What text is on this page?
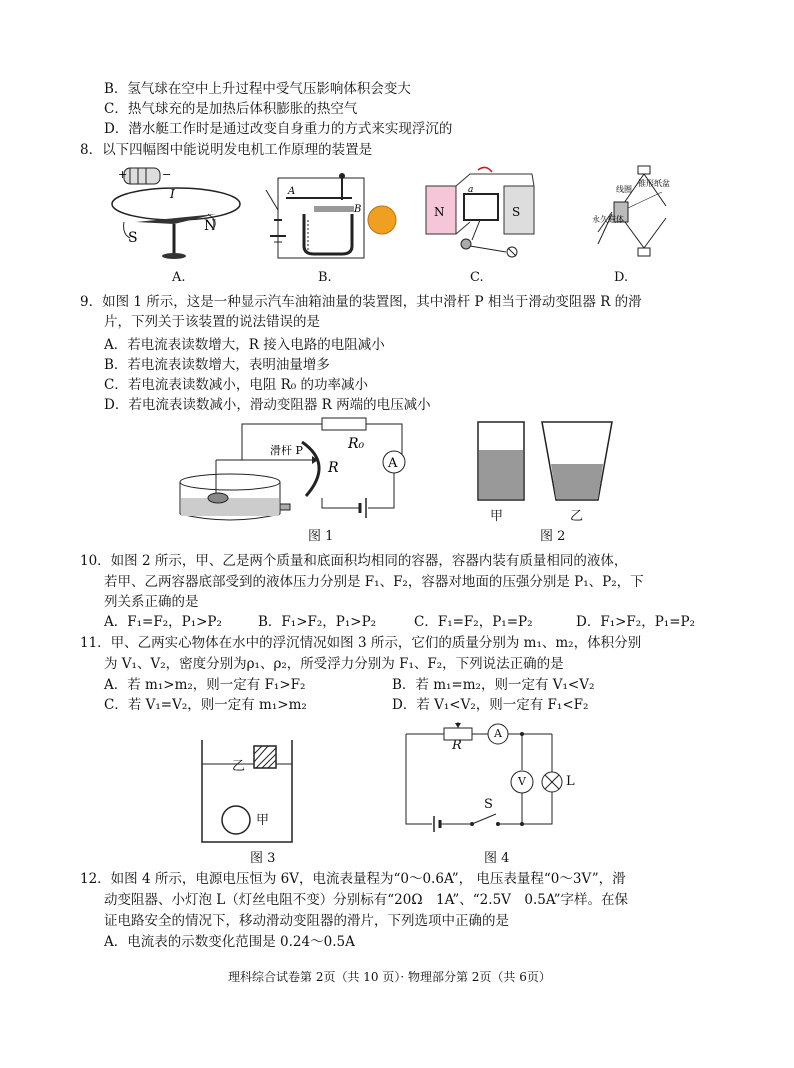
B．氢气球在空中上升过程中受气压影响体积会变大
C．热气球充的是加热后体积膨胀的热空气
D．潜水艇工作时是通过改变自身重力的方式来实现浮沉的
8．以下四幅图中能说明发电机工作原理的装置是
+	−
I
S
N
A.
A
B
B.
N	S
a
C.
线圈
锥形纸盆
永久磁体
D.
9．如图 1 所示，这是一种显示汽车油箱油量的装置图，其中滑杆 P 相当于滑动变阻器 R 的滑
片，下列关于该装置的说法错误的是
A．若电流表读数增大，R 接入电路的电阻减小
B．若电流表读数增大，表明油量增多
C．若电流表读数减小，电阻 R₀ 的功率减小
D．若电流表读数减小，滑动变阻器 R 两端的电压减小
R₀
A
R
滑杆 P
图 1
甲	乙
图 2
10．如图 2 所示，甲、乙是两个质量和底面积均相同的容器，容器内装有质量相同的液体，
若甲、乙两容器底部受到的液体压力分别是 F₁、F₂，容器对地面的压强分别是 P₁、P₂，下
列关系正确的是
A．F₁=F₂，P₁>P₂	B．F₁>F₂，P₁>P₂	C．F₁=F₂，P₁=P₂	D．F₁>F₂，P₁=P₂
11．甲、乙两实心物体在水中的浮沉情况如图 3 所示，它们的质量分别为 m₁、m₂，体积分别
为 V₁、V₂，密度分别为ρ₁、ρ₂，所受浮力分别为 F₁、F₂，下列说法正确的是
A．若 m₁>m₂，则一定有 F₁>F₂	B．若 m₁=m₂，则一定有 V₁<V₂
C．若 V₁=V₂，则一定有 m₁>m₂	D．若 V₁<V₂，则一定有 F₁<F₂
乙
甲
图 3
R
A
V	L
S
图 4
12．如图 4 所示，电源电压恒为 6V，电流表量程为“0～0.6A”， 电压表量程“0～3V”，滑
动变阻器、小灯泡 L（灯丝电阻不变）分别标有“20Ω　1A”、“2.5V　0.5A”字样。在保
证电路安全的情况下，移动滑动变阻器的滑片，下列选项中正确的是
A．电流表的示数变化范围是 0.24～0.5A
理科综合试卷第 2页（共 10 页）· 物理部分第 2页（共 6页）
